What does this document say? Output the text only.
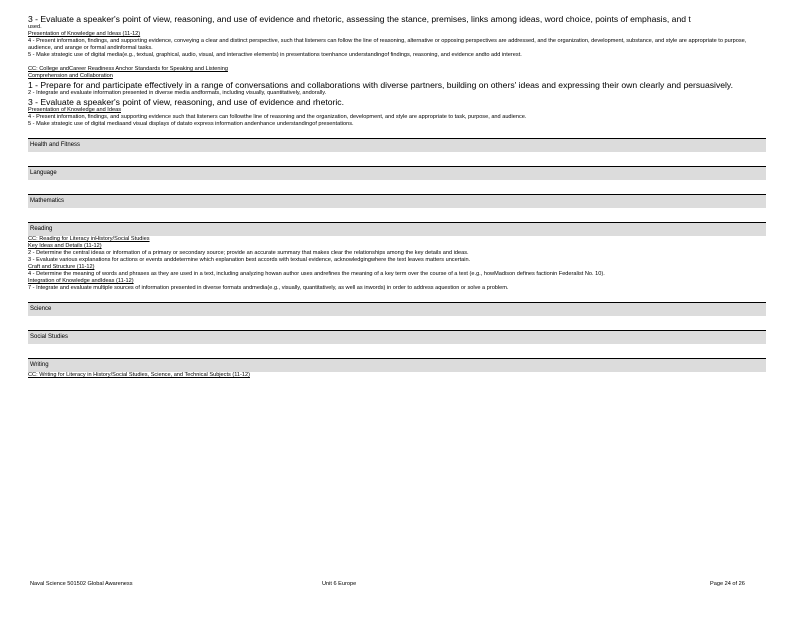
3 - Evaluate a speaker's point of view, reasoning, and use of evidence and rhetoric, assessing the stance, premises, links among ideas, word choice, points of emphasis, and t
used.
Presentation of Knowledge and Ideas (11-12)
4 - Present information, findings, and supporting evidence, conveying a clear and distinct perspective, such that listeners can follow the line of reasoning, alternative or opposing perspectives are addressed, and the organization, development, substance, and style are appropriate to purpose, audience, and arange or formal andinformal tasks.
5 - Make strategic use of digital media(e.g., textual, graphical, audio, visual, and interactive elements) in presentations toenhance understandingof findings, reasoning, and evidence andto add interest.
CC: College andCareer Readiness Anchor Standards for Speaking and Listening
Comprehension and Collaboration
1 - Prepare for and participate effectively in a range of conversations and collaborations with diverse partners, building on others' ideas and expressing their own clearly and persuasively.
2 - Integrate and evaluate information presented in diverse media andformats, including visually, quantitatively, andorally.
3 - Evaluate a speaker's point of view, reasoning, and use of evidence and rhetoric.
Presentation of Knowledge and Ideas
4 - Present information, findings, and supporting evidence such that listeners can followthe line of reasoning and the organization, development, and style are appropriate to task, purpose, and audience.
5 - Make strategic use of digital mediaand visual displays of datato express information andenhance understandingof presentations.
Health and Fitness
Language
Mathematics
Reading
CC: Reading for Literacy inHistory/Social Studies
Key Ideas and Details (11-12)
2 - Determine the central ideas or information of a primary or secondary source; provide an accurate summary that makes clear the relationships among the key details and ideas.
3 - Evaluate various explanations for actions or events anddetermine which explanation best accords with textual evidence, acknowledgingwhere the text leaves matters uncertain.
Craft and Structure (11-12)
4 - Determine the meaning of words and phrases as they are used in a text, including analyzing howan author uses andrefines the meaning of a key term over the course of a text (e.g., howMadison defines factionin Federalist No. 10).
Integration of Knowledge andIdeas (11-12)
7 - Integrate and evaluate multiple sources of information presented in diverse formats andmedia(e.g., visually, quantitatively, as well as inwords) in order to address aquestion or solve a problem.
Science
Social Studies
Writing
CC: Writing for Literacy in History/Social Studies, Science, and Technical Subjects (11-12)
Naval Science 501502 Global Awareness	Unit 6 Europe	Page 24 of 26
